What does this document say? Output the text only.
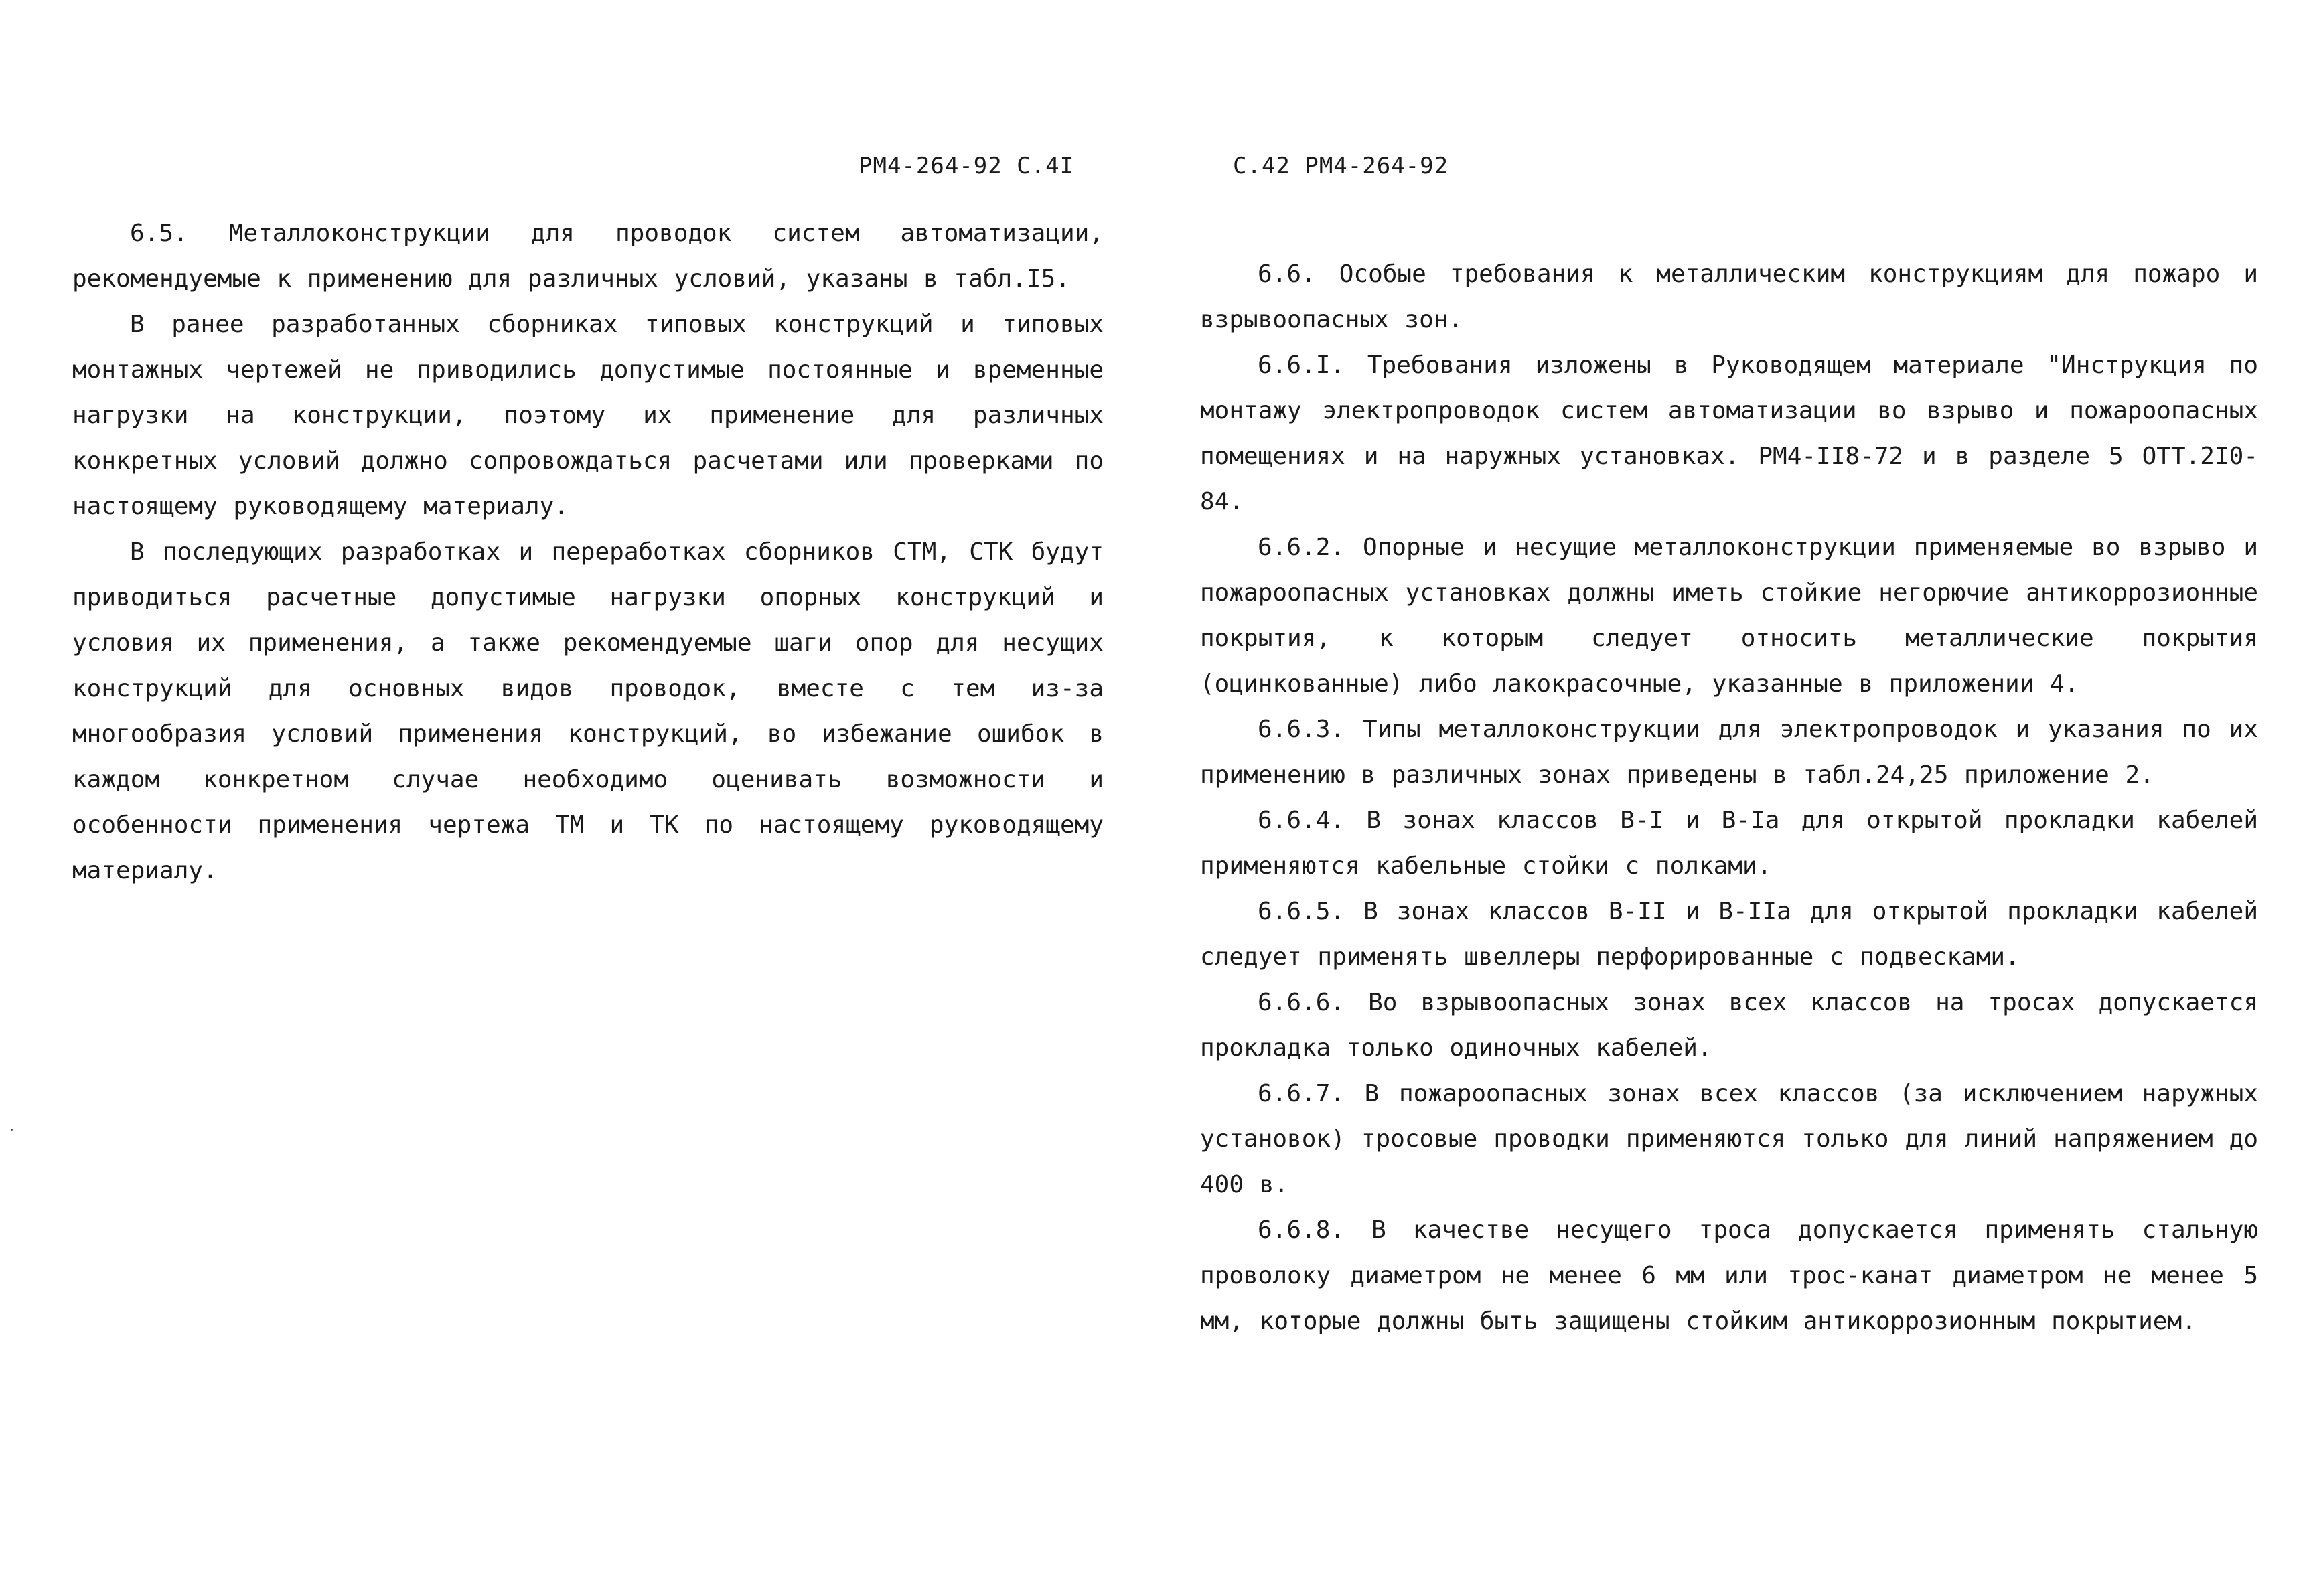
РМ4-264-92 С.4I

6.5. Металлоконструкции для проводок систем автоматизации, рекомендуемые к применению для различных условий, указаны в табл.I5.

В ранее разработанных сборниках типовых конструкций и типовых монтажных чертежей не приводились допустимые постоянные и временные нагрузки на конструкции, поэтому их применение для различных конкретных условий должно сопровождаться расчетами или проверками по настоящему руководящему материалу.

В последующих разработках и переработках сборников СТМ, СТК будут приводиться расчетные допустимые нагрузки опорных конструкций и условия их применения, а также рекомендуемые шаги опор для несущих конструкций для основных видов проводок, вместе с тем из-за многообразия условий применения конструкций, во избежание ошибок в каждом конкретном случае необходимо оценивать возможности и особенности применения чертежа ТМ и ТК по настоящему руководящему материалу.

С.42 РМ4-264-92

6.6. Особые требования к металлическим конструкциям для пожаро и взрывоопасных зон.

6.6.I. Требования изложены в Руководящем материале "Инструкция по монтажу электропроводок систем автоматизации во взрыво и пожароопасных помещениях и на наружных установках. РМ4-II8-72 и в разделе 5 ОТТ.2I0-84.

6.6.2. Опорные и несущие металлоконструкции применяемые во взрыво и пожароопасных установках должны иметь стойкие негорючие антикоррозионные покрытия, к которым следует относить металлические покрытия (оцинкованные) либо лакокрасочные, указанные в приложении 4.

6.6.3. Типы металлоконструкции для электропроводок и указания по их применению в различных зонах приведены в табл.24,25 приложение 2.

6.6.4. В зонах классов В-I и В-Iа для открытой прокладки кабелей применяются кабельные стойки с полками.

6.6.5. В зонах классов В-II и В-IIа для открытой прокладки кабелей следует применять швеллеры перфорированные с подвесками.

6.6.6. Во взрывоопасных зонах всех классов на тросах допускается прокладка только одиночных кабелей.

6.6.7. В пожароопасных зонах всех классов (за исключением наружных установок) тросовые проводки применяются только для линий напряжением до 400 в.

6.6.8. В качестве несущего троса допускается применять стальную проволоку диаметром не менее 6 мм или трос-канат диаметром не менее 5 мм, которые должны быть защищены стойким антикоррозионным покрытием.
